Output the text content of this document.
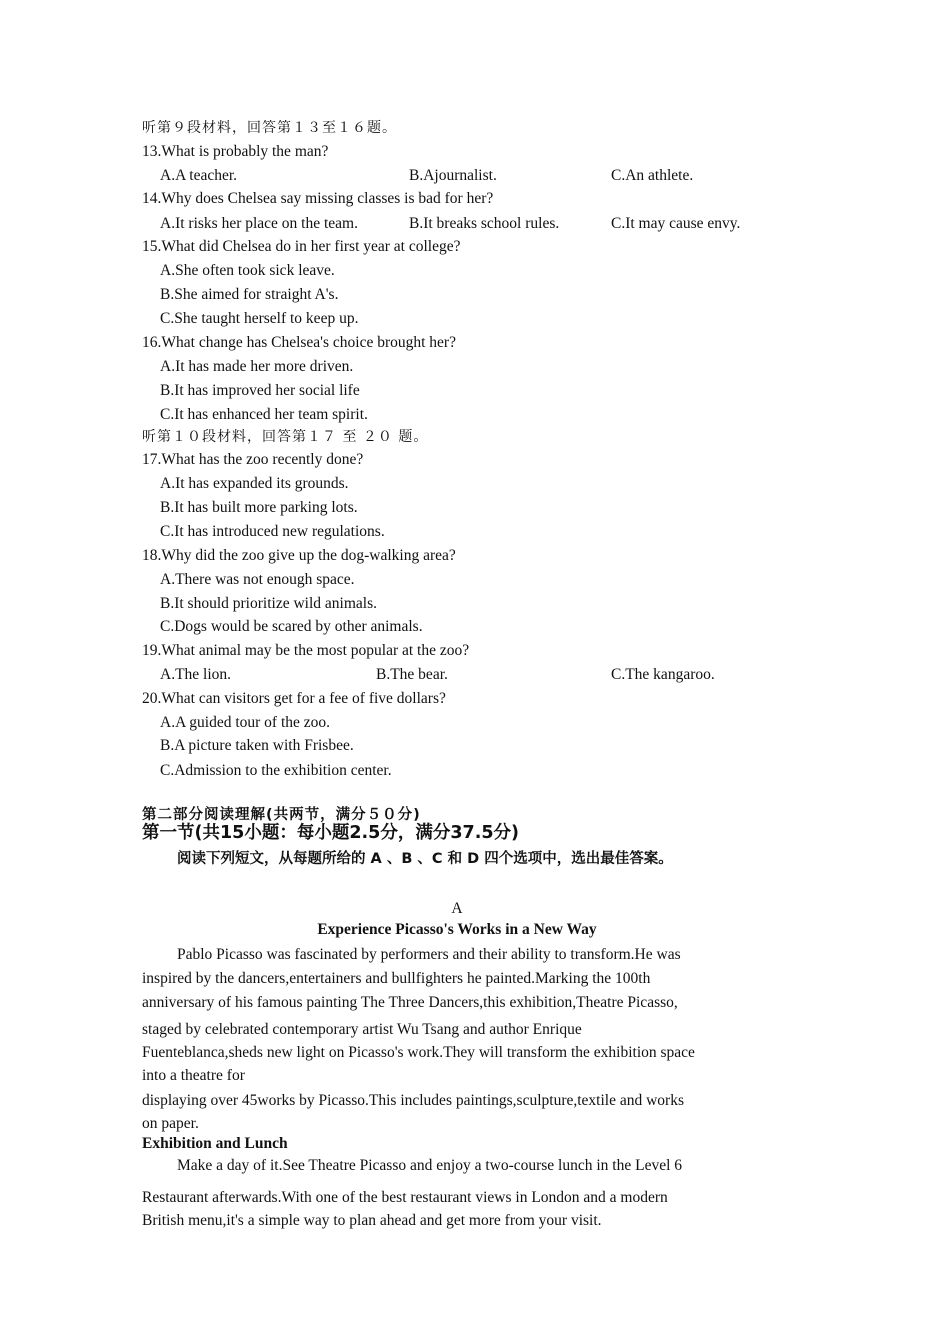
听第９段材料，回答第１３至１６题。
13.What is probably the man?
A.A teacher.	B.Ajournalist.	C.An athlete.
14.Why does Chelsea say missing classes is bad for her?
A.It risks her place on the team.	B.It breaks school rules.	C.It may cause envy.
15.What did Chelsea do in her first year at college?
A.She often took sick leave.
B.She aimed for straight A's.
C.She taught herself to keep up.
16.What change has Chelsea's choice brought her?
A.It has made her more driven.
B.It has improved her social life
C.It has enhanced her team spirit.
听第１０段材料，回答第１７ 至 ２０ 题。
17.What has the zoo recently done?
A.It has expanded its grounds.
B.It has built more parking lots.
C.It has introduced new regulations.
18.Why did the zoo give up the dog-walking area?
A.There was not enough space.
B.It should prioritize wild animals.
C.Dogs would be scared by other animals.
19.What animal may be the most popular at the zoo?
A.The lion.	B.The bear.	C.The kangaroo.
20.What can visitors get for a fee of five dollars?
A.A guided tour of the zoo.
B.A picture taken with Frisbee.
C.Admission to the exhibition center.
第二部分阅读理解(共两节，满分５０分)
第一节(共15小题：每小题2.5分，满分37.5分)
阅读下列短文，从每题所给的 A 、B 、C 和 D 四个选项中，选出最佳答案。
A
Experience Picasso's Works in a New Way
Pablo Picasso was fascinated by performers and their ability to transform.He was
inspired by the dancers,entertainers and bullfighters he painted.Marking the 100th
anniversary of his famous painting The Three Dancers,this exhibition,Theatre Picasso,
staged by celebrated contemporary artist Wu Tsang and author Enrique
Fuenteblanca,sheds new light on Picasso's work.They will transform the exhibition space
into a theatre for
displaying over 45works by Picasso.This includes paintings,sculpture,textile and works
on paper.
Exhibition and Lunch
Make a day of it.See Theatre Picasso and enjoy a two-course lunch in the Level 6
Restaurant afterwards.With one of the best restaurant views in London and a modern
British menu,it's a simple way to plan ahead and get more from your visit.
